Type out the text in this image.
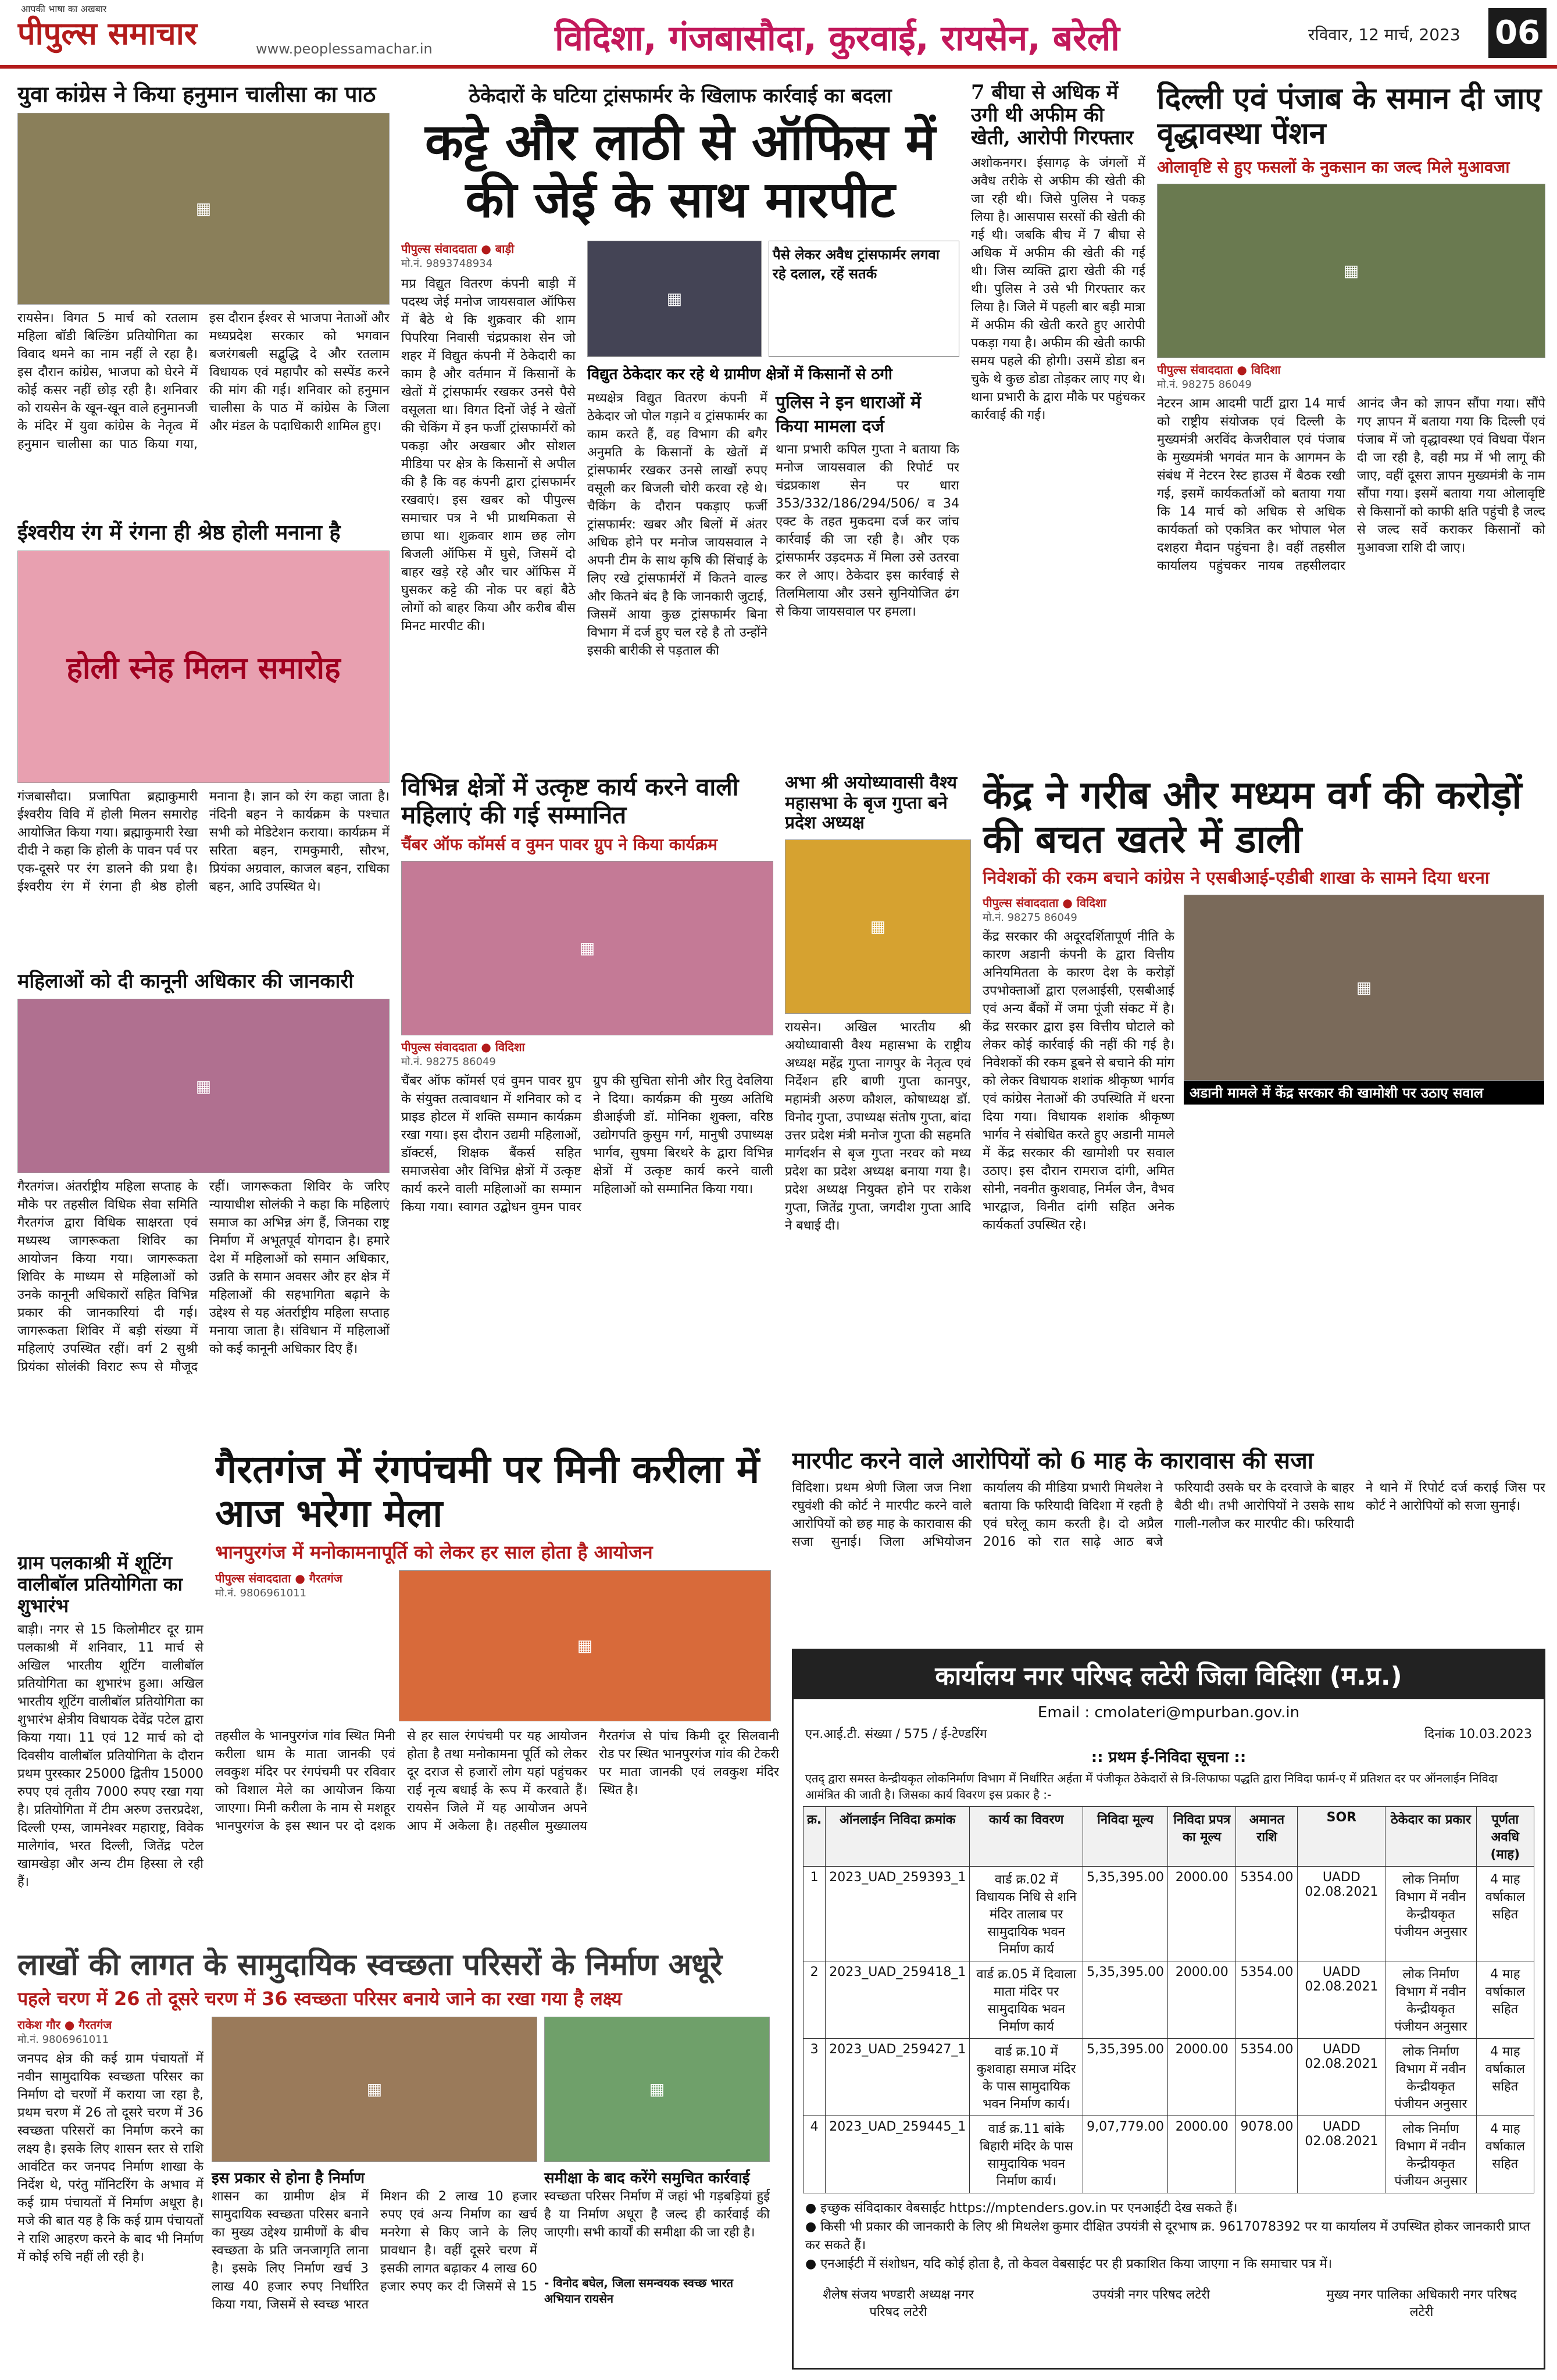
आपकी भाषा का अखबार
पीपुल्स समाचार	www.peoplessamachar.in	विदिशा, गंजबासौदा, कुरवाई, रायसेन, बरेली	रविवार, 12 मार्च, 2023 06
युवा कांग्रेस ने किया हनुमान चालीसा का पाठ
▦
रायसेन। विगत 5 मार्च को रतलाम महिला बॉडी बिल्डिंग प्रतियोगिता का विवाद थमने का नाम नहीं ले रहा है। इस दौरान कांग्रेस, भाजपा को घेरने में कोई कसर नहीं छोड़ रही है। शनिवार को रायसेन के खून-खून वाले हनुमानजी के मंदिर में युवा कांग्रेस के नेतृत्व में हनुमान चालीसा का पाठ किया गया, इस दौरान ईश्वर से भाजपा नेताओं और मध्यप्रदेश सरकार को भगवान बजरंगबली सद्बुद्धि दे और रतलाम विधायक एवं महापौर को सस्पेंड करने की मांग की गई। शनिवार को हनुमान चालीसा के पाठ में कांग्रेस के जिला और मंडल के पदाधिकारी शामिल हुए।
ईश्वरीय रंग में रंगना ही श्रेष्ठ होली मनाना है
होली स्नेह मिलन समारोह
गंजबासौदा। प्रजापिता ब्रह्माकुमारी ईश्वरीय विवि में होली मिलन समारोह आयोजित किया गया। ब्रह्माकुमारी रेखा दीदी ने कहा कि होली के पावन पर्व पर एक-दूसरे पर रंग डालने की प्रथा है। ईश्वरीय रंग में रंगना ही श्रेष्ठ होली मनाना है। ज्ञान को रंग कहा जाता है। नंदिनी बहन ने कार्यक्रम के पश्चात सभी को मेडिटेशन कराया। कार्यक्रम में सरिता बहन, रामकुमारी, सौरभ, प्रियंका अग्रवाल, काजल बहन, राधिका बहन, आदि उपस्थित थे।
महिलाओं को दी कानूनी अधिकार की जानकारी
▦
गैरतगंज। अंतर्राष्ट्रीय महिला सप्ताह के मौके पर तहसील विधिक सेवा समिति गैरतगंज द्वारा विधिक साक्षरता एवं मध्यस्थ जागरूकता शिविर का आयोजन किया गया। जागरूकता शिविर के माध्यम से महिलाओं को उनके कानूनी अधिकारों सहित विभिन्न प्रकार की जानकारियां दी गई। जागरूकता शिविर में बड़ी संख्या में महिलाएं उपस्थित रहीं। वर्ग 2 सुश्री प्रियंका सोलंकी विराट रूप से मौजूद रहीं। जागरूकता शिविर के जरिए न्यायाधीश सोलंकी ने कहा कि महिलाएं समाज का अभिन्न अंग हैं, जिनका राष्ट्र निर्माण में अभूतपूर्व योगदान है। हमारे देश में महिलाओं को समान अधिकार, उन्नति के समान अवसर और हर क्षेत्र में महिलाओं की सहभागिता बढ़ाने के उद्देश्य से यह अंतर्राष्ट्रीय महिला सप्ताह मनाया जाता है। संविधान में महिलाओं को कई कानूनी अधिकार दिए हैं।
ग्राम पलकाश्री में शूटिंग वालीबॉल प्रतियोगिता का शुभारंभ
बाड़ी। नगर से 15 किलोमीटर दूर ग्राम पलकाश्री में शनिवार, 11 मार्च से अखिल भारतीय शूटिंग वालीबॉल प्रतियोगिता का शुभारंभ हुआ। अखिल भारतीय शूटिंग वालीबॉल प्रतियोगिता का शुभारंभ क्षेत्रीय विधायक देवेंद्र पटेल द्वारा किया गया। 11 एवं 12 मार्च को दो दिवसीय वालीबॉल प्रतियोगिता के दौरान प्रथम पुरस्कार 25000 द्वितीय 15000 रुपए एवं तृतीय 7000 रुपए रखा गया है। प्रतियोगिता में टीम अरुण उत्तरप्रदेश, दिल्ली एम्स, जामनेश्वर महाराष्ट्र, विवेक मालेगांव, भरत दिल्ली, जितेंद्र पटेल खामखेड़ा और अन्य टीम हिस्सा ले रही हैं।
ठेकेदारों के घटिया ट्रांसफार्मर के खिलाफ कार्रवाई का बदला
कट्टे और लाठी से ऑफिस में की जेई के साथ मारपीट
पीपुल्स संवाददाता ● बाड़ी
मो.नं. 9893748934
मप्र विद्युत वितरण कंपनी बाड़ी में पदस्थ जेई मनोज जायसवाल ऑफिस में बैठे थे कि शुक्रवार की शाम पिपरिया निवासी चंद्रप्रकाश सेन जो शहर में विद्युत कंपनी में ठेकेदारी का काम है और वर्तमान में किसानों के खेतों में ट्रांसफार्मर रखकर उनसे पैसे वसूलता था। विगत दिनों जेई ने खेतों की चेकिंग में इन फर्जी ट्रांसफार्मरों को पकड़ा और अखबार और सोशल मीडिया पर क्षेत्र के किसानों से अपील की है कि वह कंपनी द्वारा ट्रांसफार्मर रखवाएं। इस खबर को पीपुल्स समाचार पत्र ने भी प्राथमिकता से छापा था। शुक्रवार शाम छह लोग बिजली ऑफिस में घुसे, जिसमें दो बाहर खड़े रहे और चार ऑफिस में घुसकर कट्टे की नोक पर बहां बैठे लोगों को बाहर किया और करीब बीस मिनट मारपीट की।
▦
पैसे लेकर अवैध ट्रांसफार्मर लगवा रहे दलाल, रहें सतर्क
विद्युत ठेकेदार कर रहे थे ग्रामीण क्षेत्रों में किसानों से ठगी
मध्यक्षेत्र विद्युत वितरण कंपनी में ठेकेदार जो पोल गड़ाने व ट्रांसफार्मर का काम करते हैं, वह विभाग की बगैर अनुमति के किसानों के खेतों में ट्रांसफार्मर रखकर उनसे लाखों रुपए वसूली कर बिजली चोरी करवा रहे थे। चैकिंग के दौरान पकड़ाए फर्जी ट्रांसफार्मर: खबर और बिलों में अंतर अधिक होने पर मनोज जायसवाल ने अपनी टीम के साथ कृषि की सिंचाई के लिए रखे ट्रांसफार्मरों में कितने वाल्ड और कितने बंद है कि जानकारी जुटाई, जिसमें आया कुछ ट्रांसफार्मर बिना विभाग में दर्ज हुए चल रहे है तो उन्होंने इसकी बारीकी से पड़ताल की
पुलिस ने इन धाराओं में किया मामला दर्ज
थाना प्रभारी कपिल गुप्ता ने बताया कि मनोज जायसवाल की रिपोर्ट पर चंद्रप्रकाश सेन पर धारा 353/332/186/294/506/ व 34 एक्ट के तहत मुकदमा दर्ज कर जांच कार्रवाई की जा रही है। और एक ट्रांसफार्मर उड़दमऊ में मिला उसे उतरवा कर ले आए। ठेकेदार इस कार्रवाई से तिलमिलाया और उसने सुनियोजित ढंग से किया जायसवाल पर हमला।
विभिन्न क्षेत्रों में उत्कृष्ट कार्य करने वाली महिलाएं की गई सम्मानित
चैंबर ऑफ कॉमर्स व वुमन पावर ग्रुप ने किया कार्यक्रम
▦
पीपुल्स संवाददाता ● विदिशा
मो.नं. 98275 86049
चैंबर ऑफ कॉमर्स एवं वुमन पावर ग्रुप के संयुक्त तत्वावधान में शनिवार को द प्राइड होटल में शक्ति सम्मान कार्यक्रम रखा गया। इस दौरान उद्यमी महिलाओं, डॉक्टर्स, शिक्षक बैंकर्स सहित समाजसेवा और विभिन्न क्षेत्रों में उत्कृष्ट कार्य करने वाली महिलाओं का सम्मान किया गया। स्वागत उद्बोधन वुमन पावर ग्रुप की सुचिता सोनी और रितु देवलिया ने दिया। कार्यक्रम की मुख्य अतिथि डीआईजी डॉ. मोनिका शुक्ला, वरिष्ठ उद्योगपति कुसुम गर्ग, मानुषी उपाध्यक्ष भार्गव, सुषमा बिरथरे के द्वारा विभिन्न क्षेत्रों में उत्कृष्ट कार्य करने वाली महिलाओं को सम्मानित किया गया।
7 बीघा से अधिक में उगी थी अफीम की खेती, आरोपी गिरफ्तार
अशोकनगर। ईसागढ़ के जंगलों में अवैध तरीके से अफीम की खेती की जा रही थी। जिसे पुलिस ने पकड़ लिया है। आसपास सरसों की खेती की गई थी। जबकि बीच में 7 बीघा से अधिक में अफीम की खेती की गई थी। जिस व्यक्ति द्वारा खेती की गई थी। पुलिस ने उसे भी गिरफ्तार कर लिया है। जिले में पहली बार बड़ी मात्रा में अफीम की खेती करते हुए आरोपी पकड़ा गया है। अफीम की खेती काफी समय पहले की होगी। उसमें डोडा बन चुके थे कुछ डोडा तोड़कर लाए गए थे। थाना प्रभारी के द्वारा मौके पर पहुंचकर कार्रवाई की गई।
अभा श्री अयोध्यावासी वैश्य महासभा के बृज गुप्ता बने प्रदेश अध्यक्ष
▦
रायसेन। अखिल भारतीय श्री अयोध्यावासी वैश्य महासभा के राष्ट्रीय अध्यक्ष महेंद्र गुप्ता नागपुर के नेतृत्व एवं निर्देशन हरि बाणी गुप्ता कानपुर, महामंत्री अरुण कौशल, कोषाध्यक्ष डॉ. विनोद गुप्ता, उपाध्यक्ष संतोष गुप्ता, बांदा उत्तर प्रदेश मंत्री मनोज गुप्ता की सहमति मार्गदर्शन से बृज गुप्ता नरवर को मध्य प्रदेश का प्रदेश अध्यक्ष बनाया गया है। प्रदेश अध्यक्ष नियुक्त होने पर राकेश गुप्ता, जितेंद्र गुप्ता, जगदीश गुप्ता आदि ने बधाई दी।
दिल्ली एवं पंजाब के समान दी जाए वृद्धावस्था पेंशन
ओलावृष्टि से हुए फसलों के नुकसान का जल्द मिले मुआवजा
▦
पीपुल्स संवाददाता ● विदिशा
मो.नं. 98275 86049
नेटरन आम आदमी पार्टी द्वारा 14 मार्च को राष्ट्रीय संयोजक एवं दिल्ली के मुख्यमंत्री अरविंद केजरीवाल एवं पंजाब के मुख्यमंत्री भगवंत मान के आगमन के संबंध में नेटरन रेस्ट हाउस में बैठक रखी गई, इसमें कार्यकर्ताओं को बताया गया कि 14 मार्च को अधिक से अधिक कार्यकर्ता को एकत्रित कर भोपाल भेल दशहरा मैदान पहुंचना है। वहीं तहसील कार्यालय पहुंचकर नायब तहसीलदार आनंद जैन को ज्ञापन सौंपा गया। सौंपे गए ज्ञापन में बताया गया कि दिल्ली एवं पंजाब में जो वृद्धावस्था एवं विधवा पेंशन दी जा रही है, वही मप्र में भी लागू की जाए, वहीं दूसरा ज्ञापन मुख्यमंत्री के नाम सौंपा गया। इसमें बताया गया ओलावृष्टि से किसानों को काफी क्षति पहुंची है जल्द से जल्द सर्वे कराकर किसानों को मुआवजा राशि दी जाए।
केंद्र ने गरीब और मध्यम वर्ग की करोड़ों की बचत खतरे में डाली
निवेशकों की रकम बचाने कांग्रेस ने एसबीआई-एडीबी शाखा के सामने दिया धरना
पीपुल्स संवाददाता ● विदिशा
मो.नं. 98275 86049
केंद्र सरकार की अदूरदर्शितापूर्ण नीति के कारण अडानी कंपनी के द्वारा वित्तीय अनियमितता के कारण देश के करोड़ों उपभोक्ताओं द्वारा एलआईसी, एसबीआई एवं अन्य बैंकों में जमा पूंजी संकट में है। केंद्र सरकार द्वारा इस वित्तीय घोटाले को लेकर कोई कार्रवाई की नहीं की गई है। निवेशकों की रकम डूबने से बचाने की मांग को लेकर विधायक शशांक श्रीकृष्ण भार्गव एवं कांग्रेस नेताओं की उपस्थिति में धरना दिया गया। विधायक शशांक श्रीकृष्ण भार्गव ने संबोधित करते हुए अडानी मामले में केंद्र सरकार की खामोशी पर सवाल उठाए। इस दौरान रामराज दांगी, अमित सोनी, नवनीत कुशवाह, निर्मल जैन, वैभव भारद्वाज, विनीत दांगी सहित अनेक कार्यकर्ता उपस्थित रहे।
▦
अडानी मामले में केंद्र सरकार की खामोशी पर उठाए सवाल
गैरतगंज में रंगपंचमी पर मिनी करीला में आज भरेगा मेला
भानपुरगंज में मनोकामनापूर्ति को लेकर हर साल होता है आयोजन
पीपुल्स संवाददाता ● गैरतगंज
मो.नं. 9806961011
▦
तहसील के भानपुरगंज गांव स्थित मिनी करीला धाम के माता जानकी एवं लवकुश मंदिर पर रंगपंचमी पर रविवार को विशाल मेले का आयोजन किया जाएगा। मिनी करीला के नाम से मशहूर भानपुरगंज के इस स्थान पर दो दशक से हर साल रंगपंचमी पर यह आयोजन होता है तथा मनोकामना पूर्ति को लेकर दूर दराज से हजारों लोग यहां पहुंचकर राई नृत्य बधाई के रूप में करवाते हैं। रायसेन जिले में यह आयोजन अपने आप में अकेला है। तहसील मुख्यालय गैरतगंज से पांच किमी दूर सिलवानी रोड पर स्थित भानपुरगंज गांव की टेकरी पर माता जानकी एवं लवकुश मंदिर स्थित है।
मारपीट करने वाले आरोपियों को 6 माह के कारावास की सजा
विदिशा। प्रथम श्रेणी जिला जज निशा रघुवंशी की कोर्ट ने मारपीट करने वाले आरोपियों को छह माह के कारावास की सजा सुनाई। जिला अभियोजन कार्यालय की मीडिया प्रभारी मिथलेश ने बताया कि फरियादी विदिशा में रहती है एवं घरेलू काम करती है। दो अप्रैल 2016 को रात साढ़े आठ बजे फरियादी उसके घर के दरवाजे के बाहर बैठी थी। तभी आरोपियों ने उसके साथ गाली-गलौज कर मारपीट की। फरियादी ने थाने में रिपोर्ट दर्ज कराई जिस पर कोर्ट ने आरोपियों को सजा सुनाई।
लाखों की लागत के सामुदायिक स्वच्छता परिसरों के निर्माण अधूरे
पहले चरण में 26 तो दूसरे चरण में 36 स्वच्छता परिसर बनाये जाने का रखा गया है लक्ष्य
राकेश गौर ● गैरतगंज
मो.नं. 9806961011
जनपद क्षेत्र की कई ग्राम पंचायतों में नवीन सामुदायिक स्वच्छता परिसर का निर्माण दो चरणों में कराया जा रहा है, प्रथम चरण में 26 तो दूसरे चरण में 36 स्वच्छता परिसरों का निर्माण करने का लक्ष्य है। इसके लिए शासन स्तर से राशि आवंटित कर जनपद निर्माण शाखा के निर्देश थे, परंतु मॉनिटरिंग के अभाव में कई ग्राम पंचायतों में निर्माण अधूरा है। मजे की बात यह है कि कई ग्राम पंचायतों ने राशि आहरण करने के बाद भी निर्माण में कोई रुचि नहीं ली रही है।
▦	▦
इस प्रकार से होना है निर्माण
शासन का ग्रामीण क्षेत्र में सामुदायिक स्वच्छता परिसर बनाने का मुख्य उद्देश्य ग्रामीणों के बीच स्वच्छता के प्रति जनजागृति लाना है। इसके लिए निर्माण खर्च 3 लाख 40 हजार रुपए निर्धारित किया गया, जिसमें से स्वच्छ भारत मिशन की 2 लाख 10 हजार रुपए एवं अन्य निर्माण का खर्च मनरेगा से किए जाने के लिए प्रावधान है। वहीं दूसरे चरण में इसकी लागत बढ़ाकर 4 लाख 60 हजार रुपए कर दी जिसमें से 15
समीक्षा के बाद करेंगे समुचित कार्रवाई
स्वच्छता परिसर निर्माण में जहां भी गड़बड़ियां हुई है या निर्माण अधूरा है जल्द ही कार्रवाई की जाएगी। सभी कार्यों की समीक्षा की जा रही है।
- विनोद बघेल, जिला समन्वयक स्वच्छ भारत अभियान रायसेन
कार्यालय नगर परिषद लटेरी जिला विदिशा (म.प्र.)
Email : cmolateri@mpurban.gov.in
एन.आई.टी. संख्या / 575 / ई-टेण्डरिंग	दिनांक 10.03.2023
:: प्रथम ई-निविदा सूचना ::
एतद् द्वारा समस्त केन्द्रीयकृत लोकनिर्माण विभाग में निर्धारित अर्हता में पंजीकृत ठेकेदारों से त्रि-लिफाफा पद्धति द्वारा निविदा फार्म-ए में प्रतिशत दर पर ऑनलाईन निविदा आमंत्रित की जाती है। जिसका कार्य विवरण इस प्रकार है :-
क्र.	ऑनलाईन निविदा क्रमांक	कार्य का विवरण	निविदा मूल्य	निविदा प्रपत्र का मूल्य	अमानत राशि	SOR	ठेकेदार का प्रकार	पूर्णता अवधि (माह)
1	2023_UAD_259393_1	वार्ड क्र.02 में विधायक निधि से शनि मंदिर तालाब पर सामुदायिक भवन निर्माण कार्य	5,35,395.00	2000.00	5354.00	UADD 02.08.2021	लोक निर्माण विभाग में नवीन केन्द्रीयकृत पंजीयन अनुसार	4 माह वर्षाकाल सहित
2	2023_UAD_259418_1	वार्ड क्र.05 में दिवाला माता मंदिर पर सामुदायिक भवन निर्माण कार्य	5,35,395.00	2000.00	5354.00	UADD 02.08.2021	लोक निर्माण विभाग में नवीन केन्द्रीयकृत पंजीयन अनुसार	4 माह वर्षाकाल सहित
3	2023_UAD_259427_1	वार्ड क्र.10 में कुशवाहा समाज मंदिर के पास सामुदायिक भवन निर्माण कार्य।	5,35,395.00	2000.00	5354.00	UADD 02.08.2021	लोक निर्माण विभाग में नवीन केन्द्रीयकृत पंजीयन अनुसार	4 माह वर्षाकाल सहित
4	2023_UAD_259445_1	वार्ड क्र.11 बांके बिहारी मंदिर के पास सामुदायिक भवन निर्माण कार्य।	9,07,779.00	2000.00	9078.00	UADD 02.08.2021	लोक निर्माण विभाग में नवीन केन्द्रीयकृत पंजीयन अनुसार	4 माह वर्षाकाल सहित
● इच्छुक संविदाकार वेबसाईट https://mptenders.gov.in पर एनआईटी देख सकते हैं।
● किसी भी प्रकार की जानकारी के लिए श्री मिथलेश कुमार दीक्षित उपयंत्री से दूरभाष क्र. 9617078392 पर या कार्यालय में उपस्थित होकर जानकारी प्राप्त कर सकते हैं।
● एनआईटी में संशोधन, यदि कोई होता है, तो केवल वेबसाईट पर ही प्रकाशित किया जाएगा न कि समाचार पत्र में।
शैलेष संजय भण्डारी अध्यक्ष नगर परिषद लटेरी
उपयंत्री नगर परिषद लटेरी	मुख्य नगर पालिका अधिकारी नगर परिषद लटेरी
